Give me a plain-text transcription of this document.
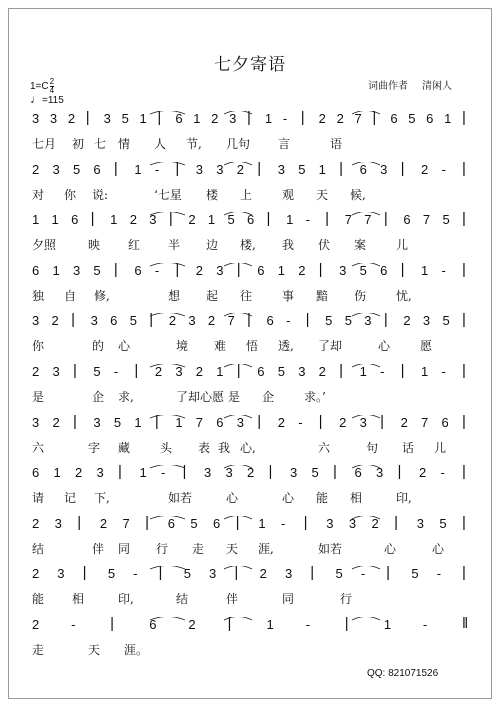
七夕寄语
词曲作者 清闲人
$1=C \frac{2}{4}$
♩=115
3 3 2 | 3 5 1 | 6 1 2 3 | 1 - | 2 2 7 | 6 5 6 1 |
七月 初 七 情 人 节, 几句 言	语
2 3 5 6 | 1 - | 3 3 2 | 3 5 1 | 6 3 | 2 - |
对 你 说:	‘七星 楼 上 观 天 候,
1 1 6 | 1 2 3 | 2 1 5 6 | 1 - | 7 7 | 6 7 5 |
夕照	映 红 半 边 楼, 我 伏 案 儿
6 1 3 5 | 6 - | 2 3 | 6 1 2 | 3 5 6 | 1 - |
独 自 修,	想 起 往 事 黯 伤 忧,
3 2 | 3 6 5 | 2 3 2 7 | 6 - | 5 5 3 | 2 3 5 |
你	的 心	境 难 悟 透, 了却	心 愿
2 3 | 5 - | 2 3 2 1 | 6 5 3 2 | 1 - | 1 - |
是	企 求,	了却心愿 是 企 求。’
3 2 | 3 5 1 | 1 7 6 3 | 2 - | 2 3 | 2 7 6 |
六	字 藏 头 表 我 心,	六	句 话 儿
6 1 2 3 | 1 - | 3 3 2 | 3 5 | 6 3 | 2 - |
请 记 下,	如若	心	心 能 相	印,
2 3 | 2 7 | 6 5 6 | 1 - | 3 3 2 | 3 5 |
结	伴 同 行 走 天 涯,	如若	心	心
2 3 | 5 - | 5 3 | 2 3 | 5 - | 5 - |
能 相	印,	结	伴	同	行
2 - |	6 2 |	1 - |	1 - ‖
走	天 涯。
QQ: 821071526
